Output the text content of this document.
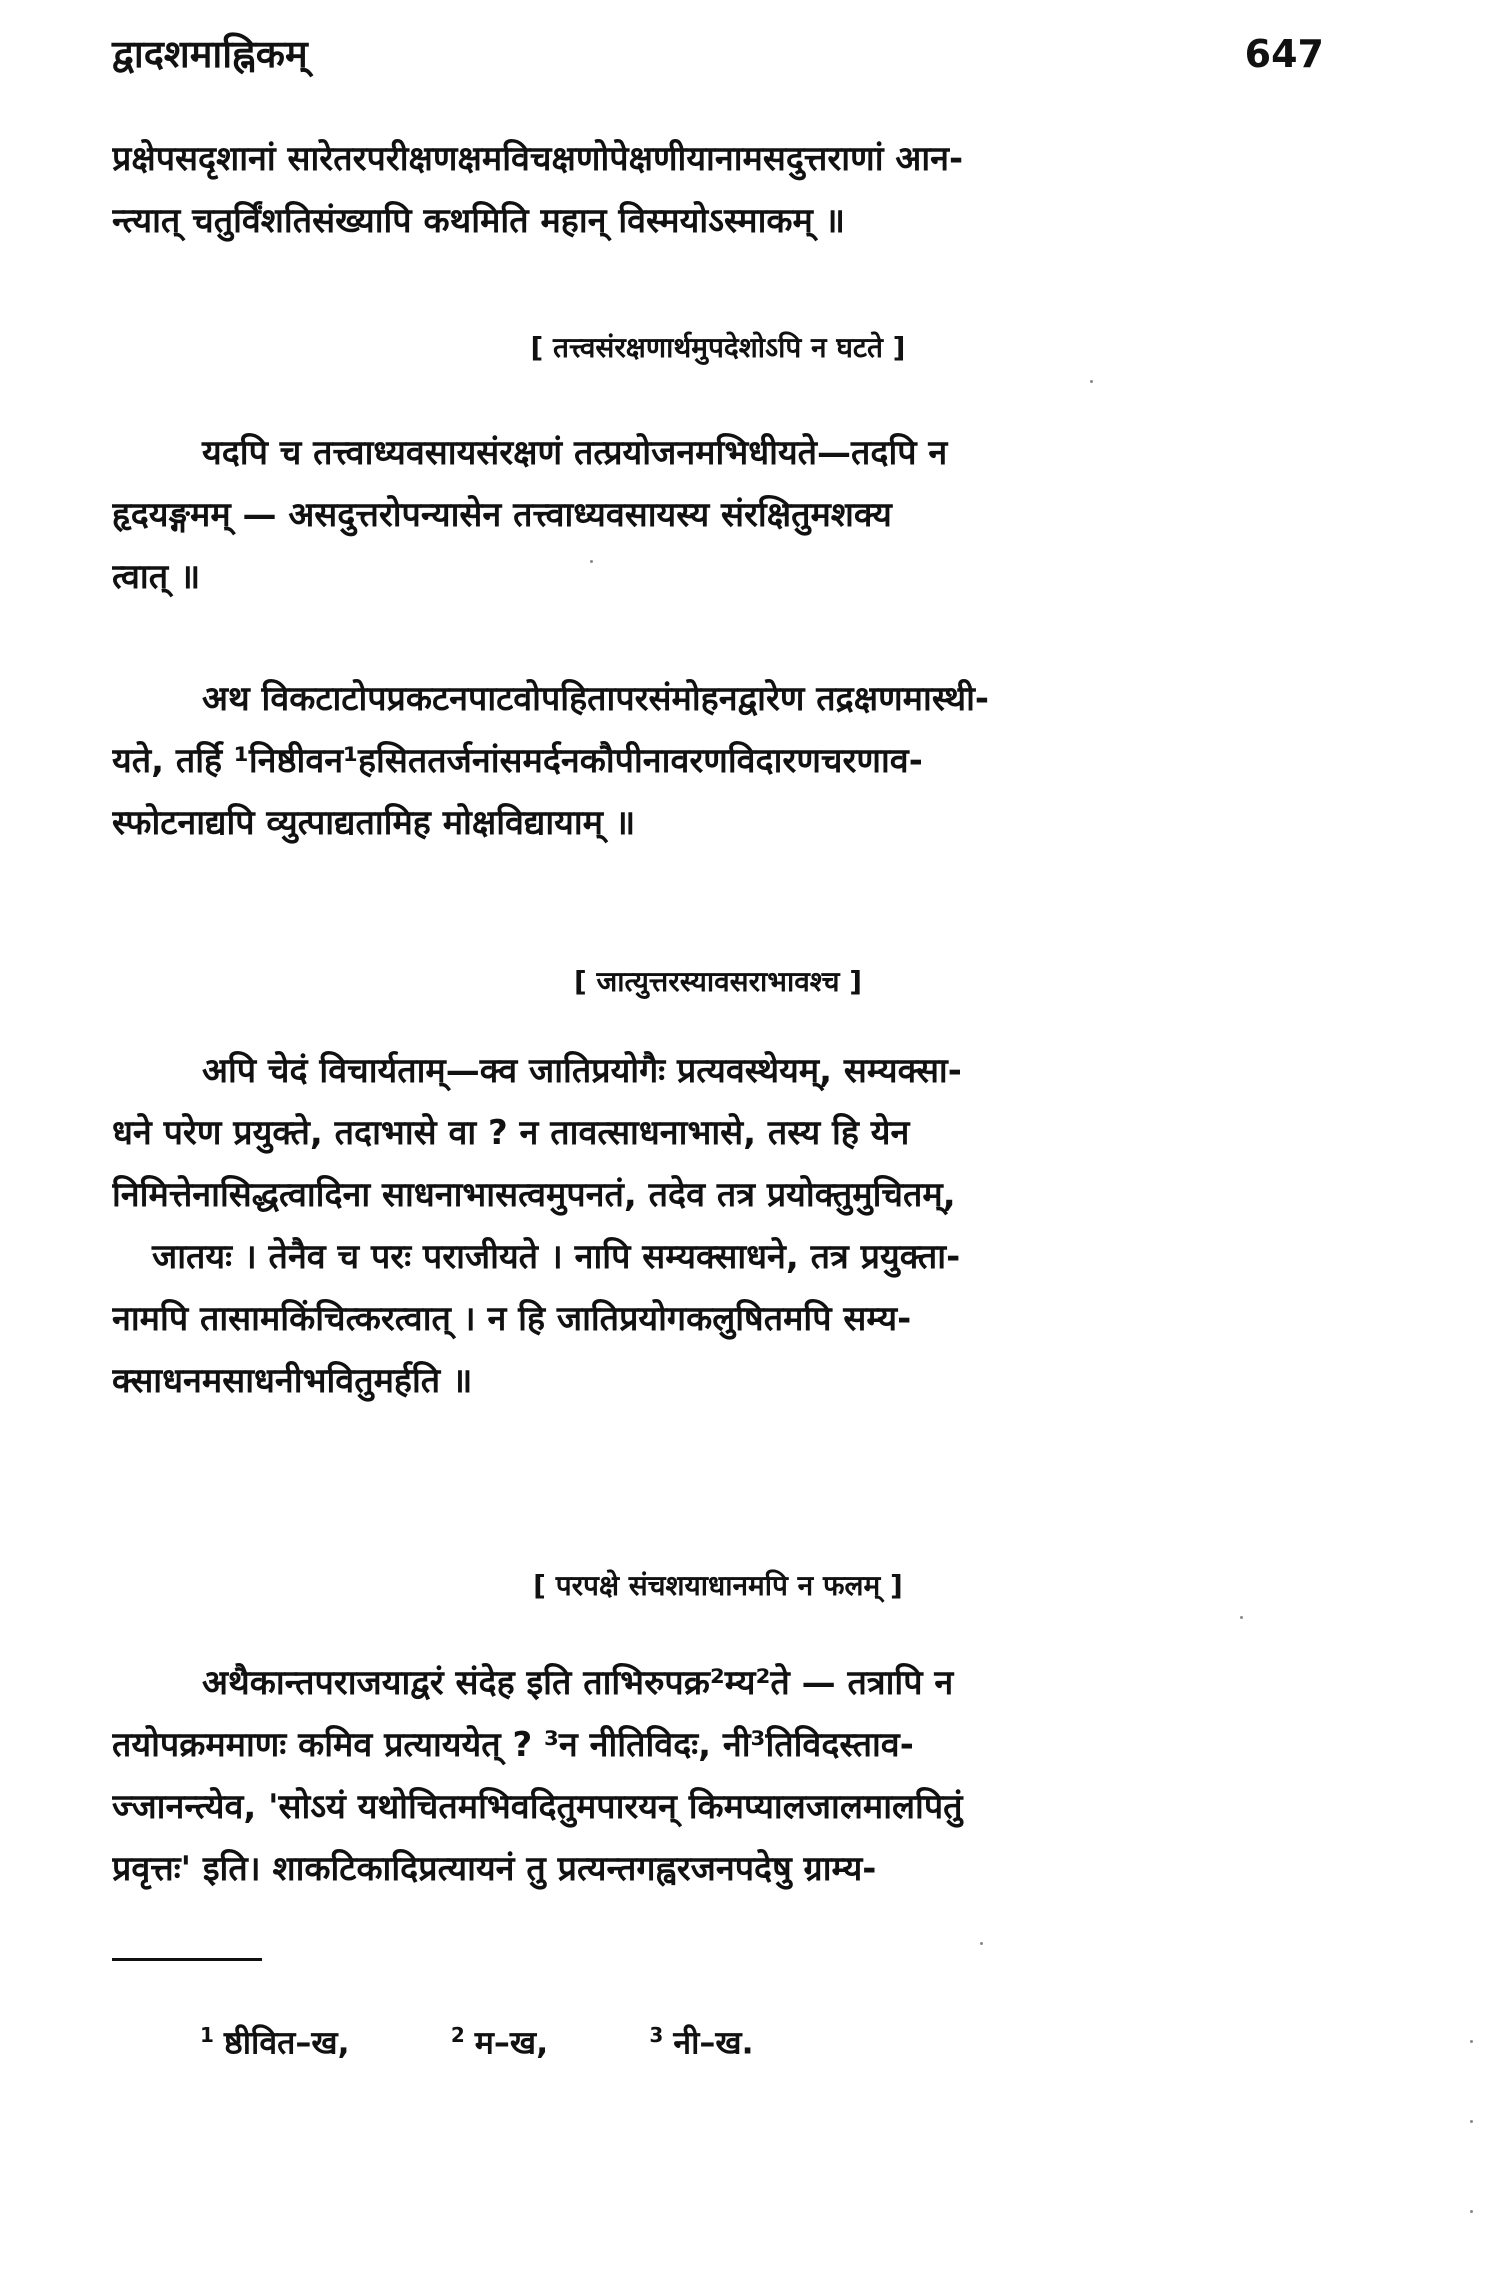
द्वादशमाह्निकम्	647
प्रक्षेपसदृशानां सारेतरपरीक्षणक्षमविचक्षणोपेक्षणीयानामसदुत्तराणां आन-
न्त्यात् चतुर्विंशतिसंख्यापि कथमिति महान् विस्मयोऽस्माकम् ॥
[ तत्त्वसंरक्षणार्थमुपदेशोऽपि न घटते ]
यदपि च तत्त्वाध्यवसायसंरक्षणं तत्प्रयोजनमभिधीयते—तदपि न
हृदयङ्गमम् — असदुत्तरोपन्यासेन तत्त्वाध्यवसायस्य संरक्षितुमशक्य
त्वात् ॥
अथ विकटाटोपप्रकटनपाटवोपहितापरसंमोहनद्वारेण तद्रक्षणमास्थी-
यते, तर्हि ¹निष्ठीवन¹हसिततर्जनांसमर्दनकौपीनावरणविदारणचरणाव-
स्फोटनाद्यपि व्युत्पाद्यतामिह मोक्षविद्यायाम् ॥
[ जात्युत्तरस्यावसराभावश्च ]
अपि चेदं विचार्यताम्—क्व जातिप्रयोगैः प्रत्यवस्थेयम्, सम्यक्सा-
धने परेण प्रयुक्ते, तदाभासे वा ? न तावत्साधनाभासे, तस्य हि येन
निमित्तेनासिद्धत्वादिना साधनाभासत्वमुपनतं, तदेव तत्र प्रयोक्तुमुचितम्,
जातयः । तेनैव च परः पराजीयते । नापि सम्यक्साधने, तत्र प्रयुक्ता-
नामपि तासामकिंचित्करत्वात् । न हि जातिप्रयोगकलुषितमपि सम्य-
क्साधनमसाधनीभवितुमर्हति ॥
[ परपक्षे संचशयाधानमपि न फलम् ]
अथैकान्तपराजयाद्वरं संदेह इति ताभिरुपक्र²म्य²ते — तत्रापि न
तयोपक्रममाणः कमिव प्रत्याययेत् ? ³न नीतिविदः, नी³तिविदस्ताव-
ज्जानन्त्येव, 'सोऽयं यथोचितमभिवदितुमपारयन् किमप्यालजालमालपितुं
प्रवृत्तः' इति। शाकटिकादिप्रत्यायनं तु प्रत्यन्तगह्वरजनपदेषु ग्राम्य-
$^1$ ष्ठीवित–ख,	$^2$ म–ख,	$^3$ नी–ख.
